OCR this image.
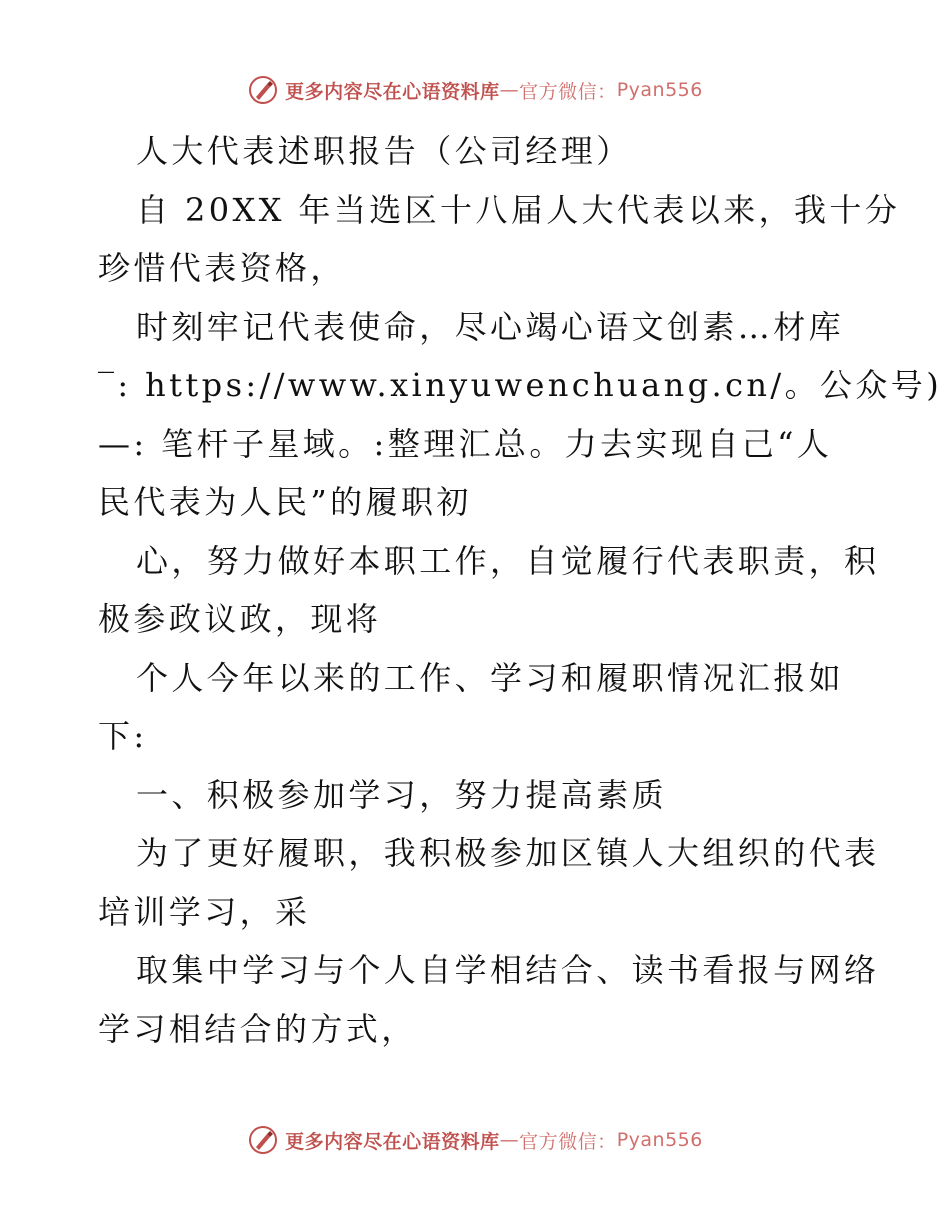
更多内容尽在心语资料库 — 官方微信： Pyan556
人大代表述职报告（公司经理）
自 20XX 年当选区十八届人大代表以来，我十分
珍惜代表资格，
时刻牢记代表使命，尽心竭心语文创素…材库
‾: https://www.xinyuwenchuang.cn/。公众号)
—: 笔杆子星域。:整理汇总。力去实现自己“人
民代表为人民”的履职初
心，努力做好本职工作，自觉履行代表职责，积
极参政议政，现将
个人今年以来的工作、学习和履职情况汇报如
下:
一、积极参加学习，努力提高素质
为了更好履职，我积极参加区镇人大组织的代表
培训学习，采
取集中学习与个人自学相结合、读书看报与网络
学习相结合的方式，
更多内容尽在心语资料库 — 官方微信： Pyan556
